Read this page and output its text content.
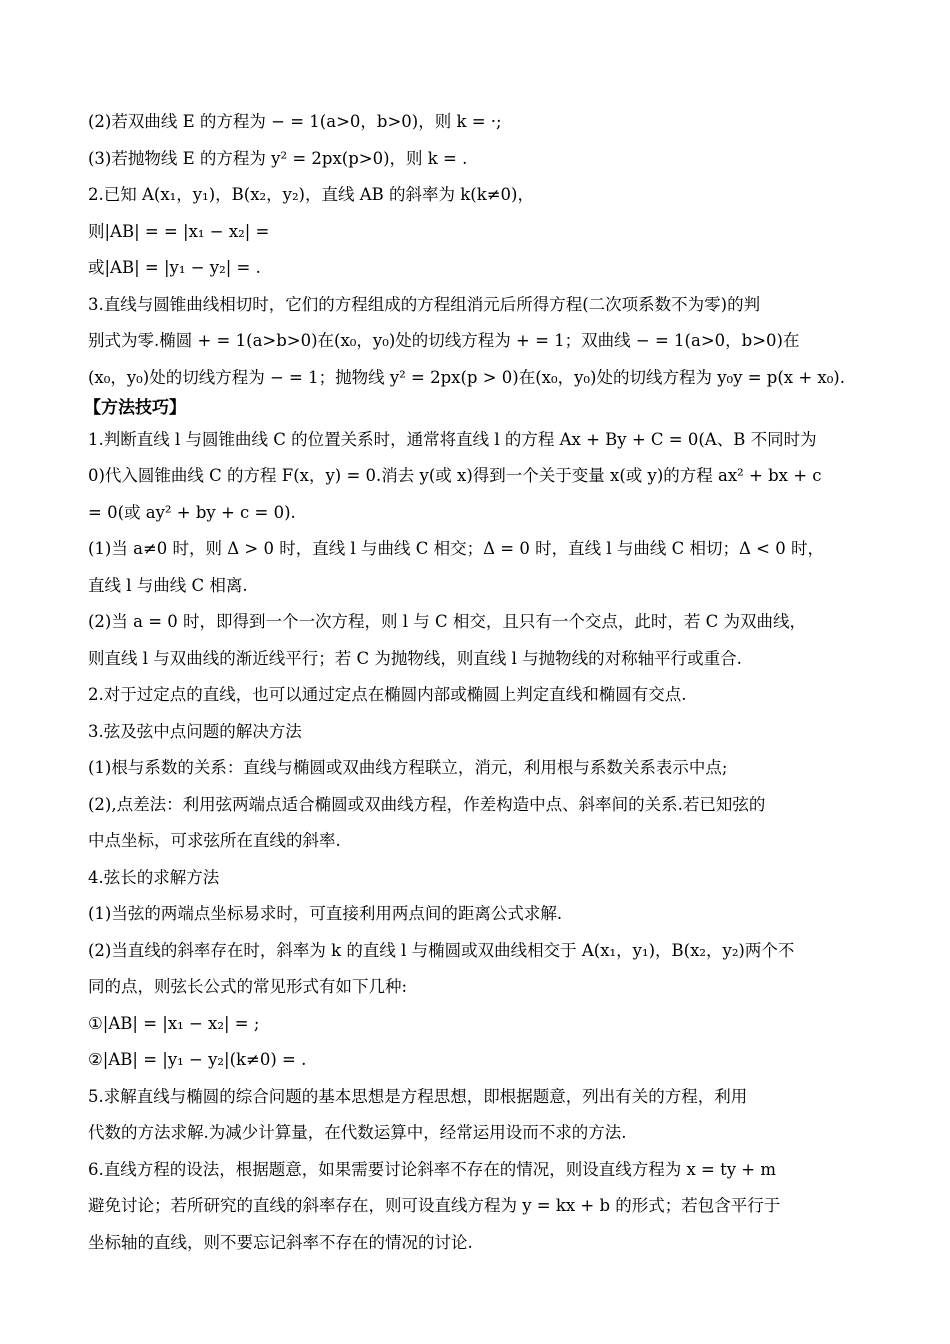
(2)若双曲线 E 的方程为 − = 1(a>0，b>0)，则 k = ·;
(3)若抛物线 E 的方程为 y² = 2px(p>0)，则 k = .
2.已知 A(x₁，y₁)，B(x₂，y₂)，直线 AB 的斜率为 k(k≠0)，
则|AB| = = |x₁ − x₂| =
或|AB| = |y₁ − y₂| = .
3.直线与圆锥曲线相切时，它们的方程组成的方程组消元后所得方程(二次项系数不为零)的判
别式为零.椭圆 + = 1(a>b>0)在(x₀，y₀)处的切线方程为 + = 1；双曲线 − = 1(a>0，b>0)在
(x₀，y₀)处的切线方程为 − = 1；抛物线 y² = 2px(p > 0)在(x₀，y₀)处的切线方程为 y₀y = p(x + x₀).
【方法技巧】
1.判断直线 l 与圆锥曲线 C 的位置关系时，通常将直线 l 的方程 Ax + By + C = 0(A、B 不同时为
0)代入圆锥曲线 C 的方程 F(x，y) = 0.消去 y(或 x)得到一个关于变量 x(或 y)的方程 ax² + bx + c
= 0(或 ay² + by + c = 0).
(1)当 a≠0 时，则 Δ > 0 时，直线 l 与曲线 C 相交；Δ = 0 时，直线 l 与曲线 C 相切；Δ < 0 时，
直线 l 与曲线 C 相离.
(2)当 a = 0 时，即得到一个一次方程，则 l 与 C 相交，且只有一个交点，此时，若 C 为双曲线，
则直线 l 与双曲线的渐近线平行；若 C 为抛物线，则直线 l 与抛物线的对称轴平行或重合.
2.对于过定点的直线，也可以通过定点在椭圆内部或椭圆上判定直线和椭圆有交点.
3.弦及弦中点问题的解决方法
(1)根与系数的关系：直线与椭圆或双曲线方程联立，消元，利用根与系数关系表示中点;
(2),点差法：利用弦两端点适合椭圆或双曲线方程，作差构造中点、斜率间的关系.若已知弦的
中点坐标，可求弦所在直线的斜率.
4.弦长的求解方法
(1)当弦的两端点坐标易求时，可直接利用两点间的距离公式求解.
(2)当直线的斜率存在时，斜率为 k 的直线 l 与椭圆或双曲线相交于 A(x₁，y₁)，B(x₂，y₂)两个不
同的点，则弦长公式的常见形式有如下几种:
①|AB| = |x₁ − x₂| = ;
②|AB| = |y₁ − y₂|(k≠0) = .
5.求解直线与椭圆的综合问题的基本思想是方程思想，即根据题意，列出有关的方程，利用
代数的方法求解.为减少计算量，在代数运算中，经常运用设而不求的方法.
6.直线方程的设法，根据题意，如果需要讨论斜率不存在的情况，则设直线方程为 x = ty + m
避免讨论；若所研究的直线的斜率存在，则可设直线方程为 y = kx + b 的形式；若包含平行于
坐标轴的直线，则不要忘记斜率不存在的情况的讨论.
